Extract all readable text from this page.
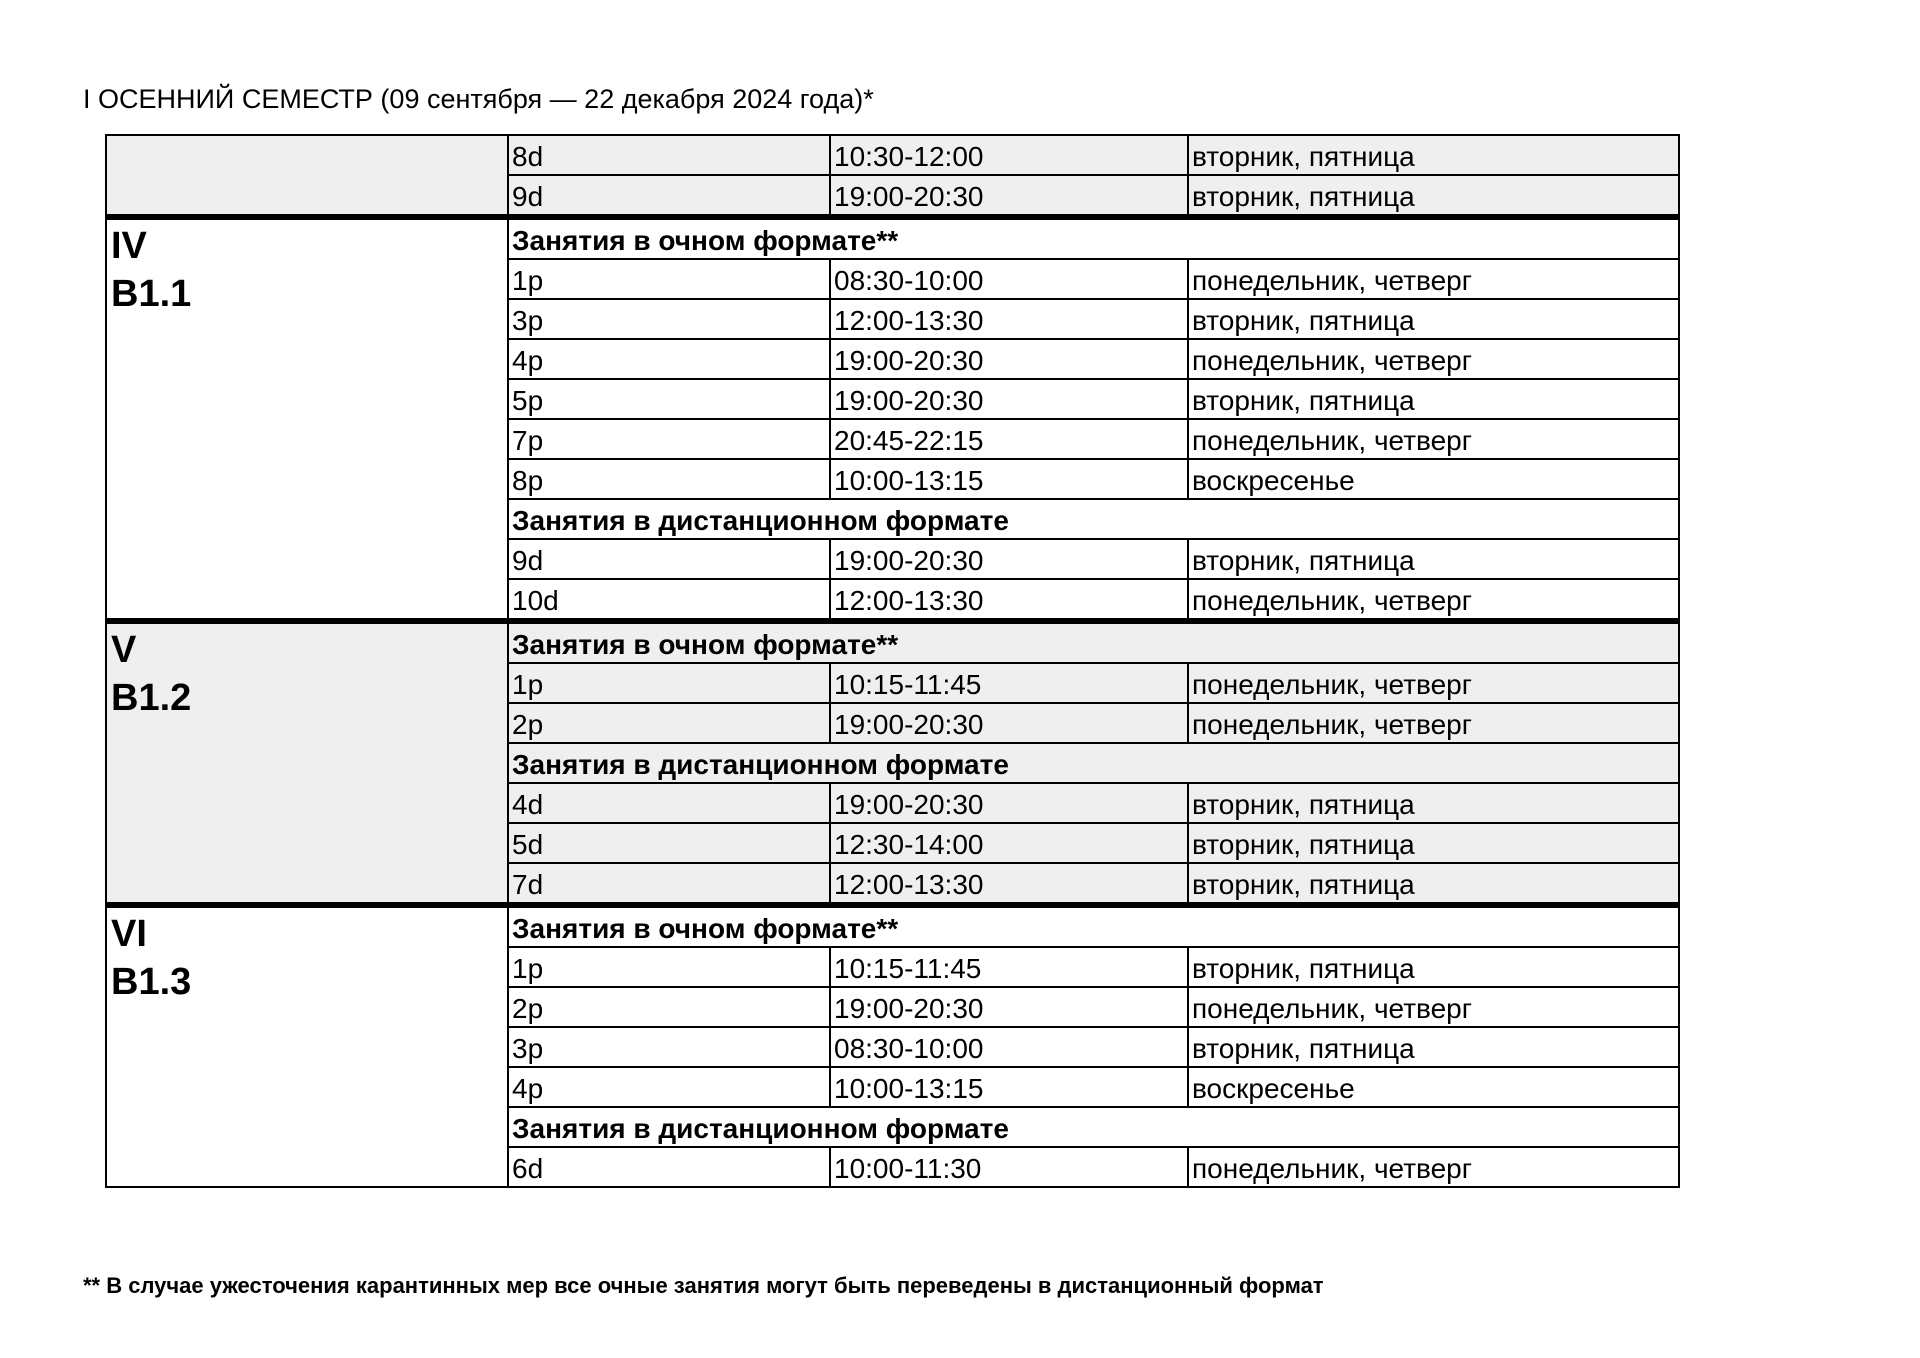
I ОСЕННИЙ СЕМЕСТР (09 сентября — 22 декабря 2024 года)*
	8d	10:30-12:00	вторник, пятница
	9d	19:00-20:30	вторник, пятница

IV
B1.1	Занятия в очном формате**		
	1p	08:30-10:00	понедельник, четверг
	3p	12:00-13:30	вторник, пятница
	4p	19:00-20:30	понедельник, четверг
	5p	19:00-20:30	вторник, пятница
	7p	20:45-22:15	понедельник, четверг
	8p	10:00-13:15	воскресенье
	Занятия в дистанционном формате		
	9d	19:00-20:30	вторник, пятница
	10d	12:00-13:30	понедельник, четверг

V
B1.2	Занятия в очном формате**		
	1p	10:15-11:45	понедельник, четверг
	2p	19:00-20:30	понедельник, четверг
	Занятия в дистанционном формате		
	4d	19:00-20:30	вторник, пятница
	5d	12:30-14:00	вторник, пятница
	7d	12:00-13:30	вторник, пятница

VI
B1.3	Занятия в очном формате**		
	1p	10:15-11:45	вторник, пятница
	2p	19:00-20:30	понедельник, четверг
	3p	08:30-10:00	вторник, пятница
	4p	10:00-13:15	воскресенье
	Занятия в дистанционном формате		
	6d	10:00-11:30	понедельник, четверг
** В случае ужесточения карантинных мер все очные занятия могут быть переведены в дистанционный формат
